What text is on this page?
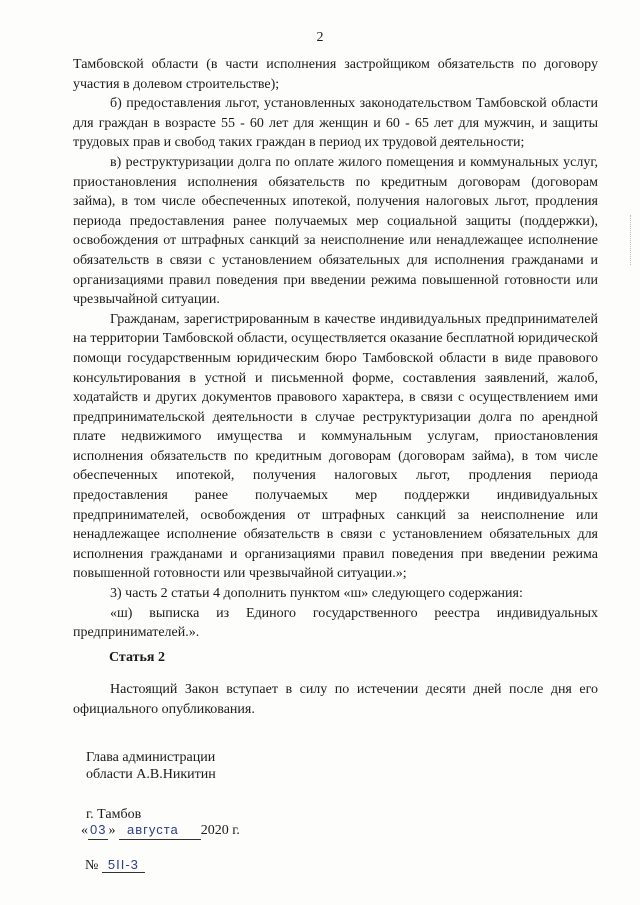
2

Тамбовской области (в части исполнения застройщиком обязательств по договору участия в долевом строительстве);

б) предоставления льгот, установленных законодательством Тамбовской области для граждан в возрасте 55 - 60 лет для женщин и 60 - 65 лет для мужчин, и защиты трудовых прав и свобод таких граждан в период их трудовой деятельности;

в) реструктуризации долга по оплате жилого помещения и коммунальных услуг, приостановления исполнения обязательств по кредитным договорам (договорам займа), в том числе обеспеченных ипотекой, получения налоговых льгот, продления периода предоставления ранее получаемых мер социальной защиты (поддержки), освобождения от штрафных санкций за неисполнение или ненадлежащее исполнение обязательств в связи с установлением обязательных для исполнения гражданами и организациями правил поведения при введении режима повышенной готовности или чрезвычайной ситуации.

Гражданам, зарегистрированным в качестве индивидуальных предпринимателей на территории Тамбовской области, осуществляется оказание бесплатной юридической помощи государственным юридическим бюро Тамбовской области в виде правового консультирования в устной и письменной форме, составления заявлений, жалоб, ходатайств и других документов правового характера, в связи с осуществлением ими предпринимательской деятельности в случае реструктуризации долга по арендной плате недвижимого имущества и коммунальным услугам, приостановления исполнения обязательств по кредитным договорам (договорам займа), в том числе обеспеченных ипотекой, получения налоговых льгот, продления периода предоставления ранее получаемых мер поддержки индивидуальных предпринимателей, освобождения от штрафных санкций за неисполнение или ненадлежащее исполнение обязательств в связи с установлением обязательных для исполнения гражданами и организациями правил поведения при введении режима повышенной готовности или чрезвычайной ситуации.»;

3) часть 2 статьи 4 дополнить пунктом «ш» следующего содержания:

«ш) выписка из Единого государственного реестра индивидуальных предпринимателей.».

Статья 2

Настоящий Закон вступает в силу по истечении десяти дней после дня его официального опубликования.

Глава администрации
области А.В.Никитин
г. Тамбов
« 03 » августа 2020 г.
№ 5II-3
